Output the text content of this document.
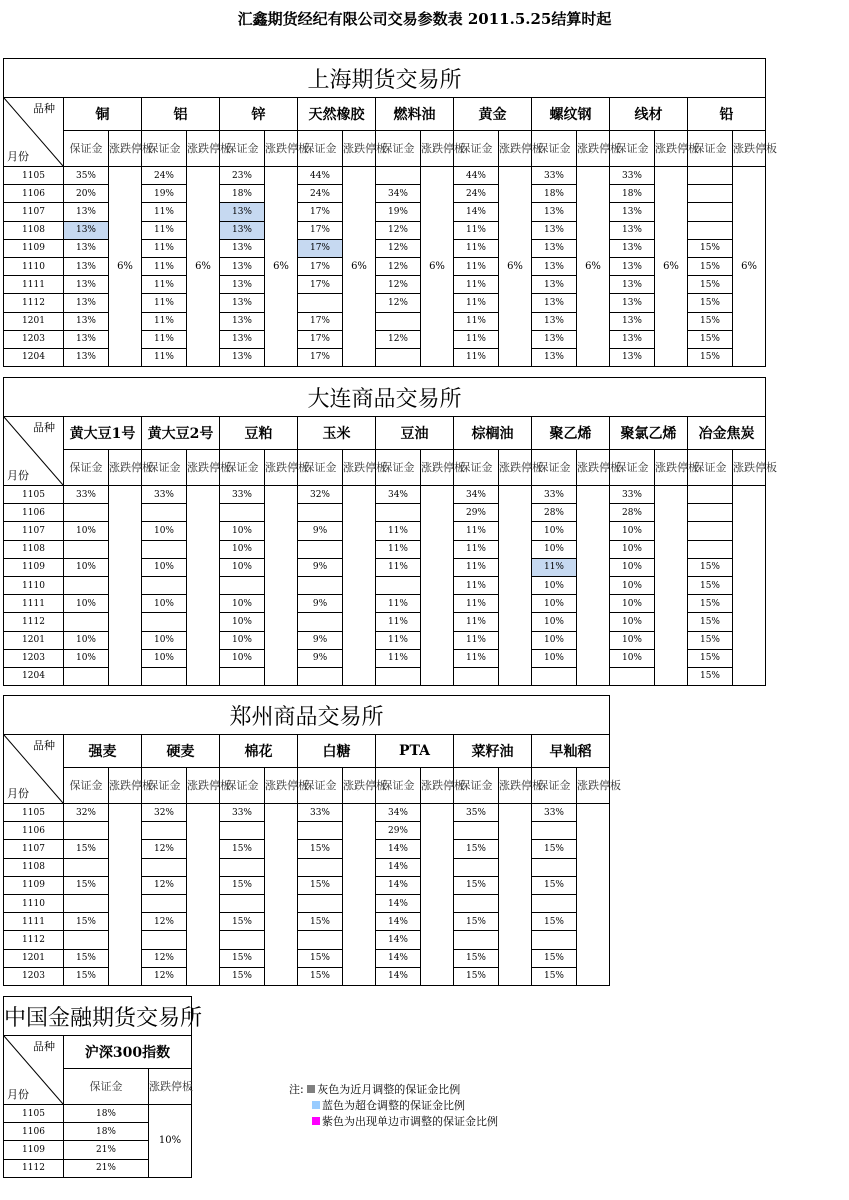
汇鑫期货经纪有限公司交易参数表 2011.5.25结算时起
上海期货交易所																		

品种
月份	铜		铝		锌		天然橡胶		燃料油		黄金		螺纹钢		线材		铅	
	保证金	涨跌停板	保证金	涨跌停板	保证金	涨跌停板	保证金	涨跌停板	保证金	涨跌停板	保证金	涨跌停板	保证金	涨跌停板	保证金	涨跌停板	保证金	涨跌停板
1105	35%	6%	24%	6%	23%	6%	44%	6%		6%	44%	6%	33%	6%	33%	6%		6%
1106	20%		19%		18%		24%		34%		24%		18%		18%			
1107	13%		11%		13%		17%		19%		14%		13%		13%			
1108	13%		11%		13%		17%		12%		11%		13%		13%			
1109	13%		11%		13%		17%		12%		11%		13%		13%		15%	
1110	13%		11%		13%		17%		12%		11%		13%		13%		15%	
1111	13%		11%		13%		17%		12%		11%		13%		13%		15%	
1112	13%		11%		13%				12%		11%		13%		13%		15%	
1201	13%		11%		13%		17%				11%		13%		13%		15%	
1203	13%		11%		13%		17%		12%		11%		13%		13%		15%	
1204	13%		11%		13%		17%				11%		13%		13%		15%	
大连商品交易所																		

品种
月份	黄大豆1号		黄大豆2号		豆粕		玉米		豆油		棕榈油		聚乙烯		聚氯乙烯		冶金焦炭	
	保证金	涨跌停板	保证金	涨跌停板	保证金	涨跌停板	保证金	涨跌停板	保证金	涨跌停板	保证金	涨跌停板	保证金	涨跌停板	保证金	涨跌停板	保证金	涨跌停板
1105	33%		33%		33%		32%		34%		34%		33%		33%			
1106											29%		28%		28%			
1107	10%		10%		10%		9%		11%		11%		10%		10%			
1108					10%				11%		11%		10%		10%			
1109	10%		10%		10%		9%		11%		11%		11%		10%		15%	
1110											11%		10%		10%		15%	
1111	10%		10%		10%		9%		11%		11%		10%		10%		15%	
1112					10%				11%		11%		10%		10%		15%	
1201	10%		10%		10%		9%		11%		11%		10%		10%		15%	
1203	10%		10%		10%		9%		11%		11%		10%		10%		15%	
1204																	15%	
郑州商品交易所														

品种
月份	强麦		硬麦		棉花		白糖		PTA		菜籽油		早籼稻	
	保证金	涨跌停板	保证金	涨跌停板	保证金	涨跌停板	保证金	涨跌停板	保证金	涨跌停板	保证金	涨跌停板	保证金	涨跌停板
1105	32%		32%		33%		33%		34%		35%		33%	
1106									29%					
1107	15%		12%		15%		15%		14%		15%		15%	
1108									14%					
1109	15%		12%		15%		15%		14%		15%		15%	
1110									14%					
1111	15%		12%		15%		15%		14%		15%		15%	
1112									14%					
1201	15%		12%		15%		15%		14%		15%		15%	
1203	15%		12%		15%		15%		14%		15%		15%	
中国金融期货交易所		

品种
月份	沪深300指数	
	保证金	涨跌停板
1105	18%	10%
1106	18%	
1109	21%	
1112	21%	
注: 灰色为近月调整的保证金比例
蓝色为超仓调整的保证金比例
紫色为出现单边市调整的保证金比例
